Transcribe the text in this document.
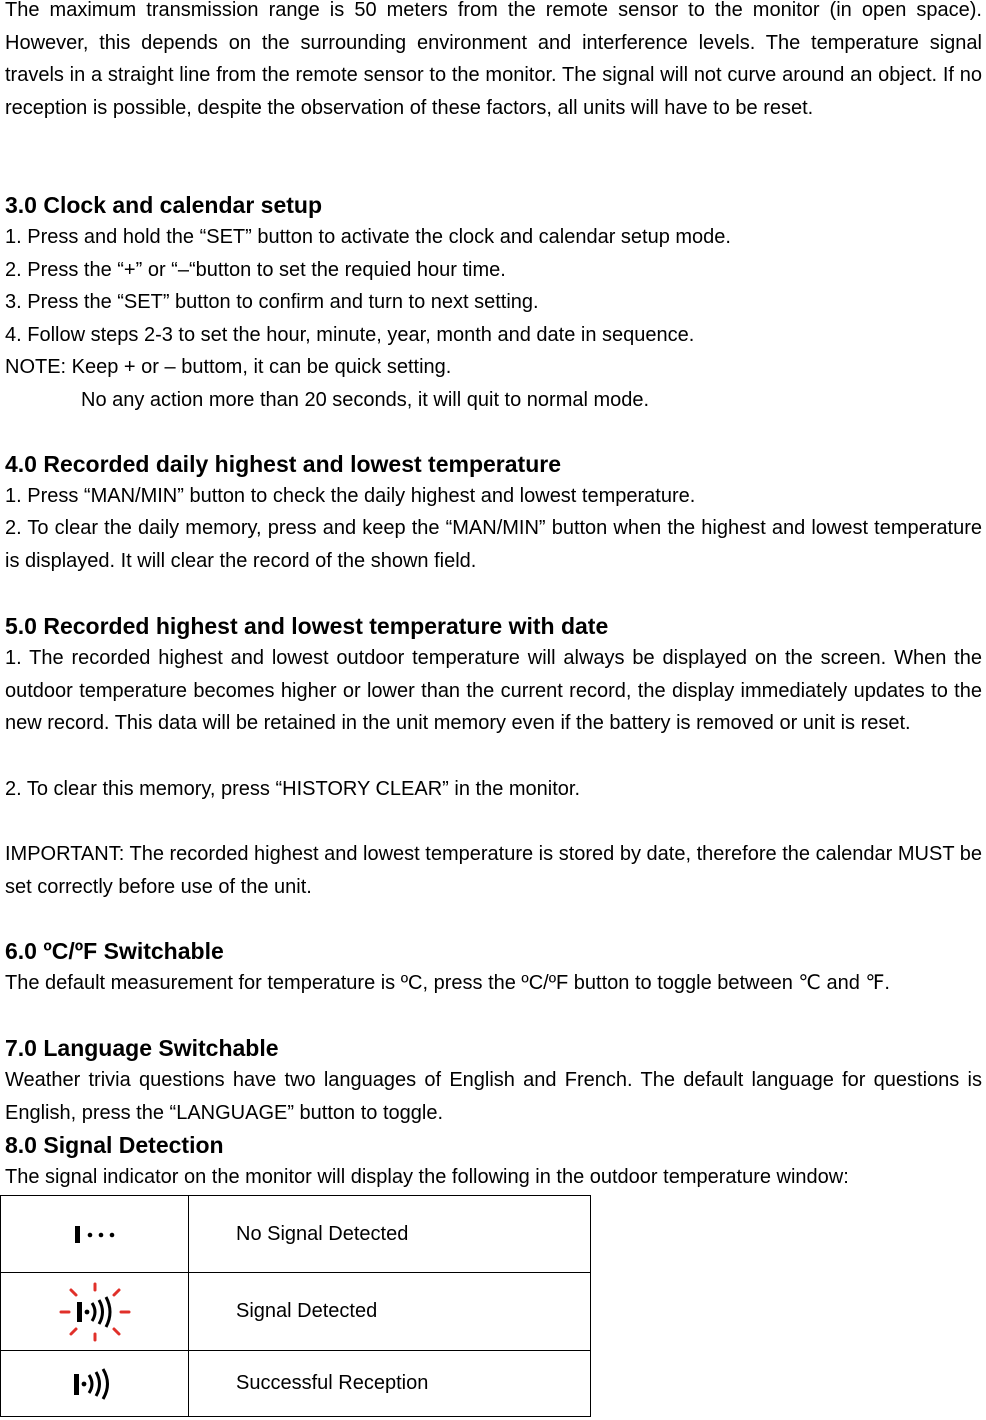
The maximum transmission range is 50 meters from the remote sensor to the monitor (in open space). However, this depends on the surrounding environment and interference levels. The temperature signal travels in a straight line from the remote sensor to the monitor. The signal will not curve around an object. If no reception is possible, despite the observation of these factors, all units will have to be reset.

3.0 Clock and calendar setup
1. Press and hold the “SET” button to activate the clock and calendar setup mode.
2. Press the “+” or “–“button to set the requied hour time.
3. Press the “SET” button to confirm and turn to next setting.
4. Follow steps 2-3 to set the hour, minute, year, month and date in sequence.
NOTE: Keep + or – buttom, it can be quick setting.
No any action more than 20 seconds, it will quit to normal mode.
4.0 Recorded daily highest and lowest temperature
1. Press “MAN/MIN” button to check the daily highest and lowest temperature.

2. To clear the daily memory, press and keep the “MAN/MIN” button when the highest and lowest temperature is displayed. It will clear the record of the shown field.

5.0 Recorded highest and lowest temperature with date

1. The recorded highest and lowest outdoor temperature will always be displayed on the screen. When the outdoor temperature becomes higher or lower than the current record, the display immediately updates to the new record. This data will be retained in the unit memory even if the battery is removed or unit is reset.

2. To clear this memory, press “HISTORY CLEAR” in the monitor.

IMPORTANT: The recorded highest and lowest temperature is stored by date, therefore the calendar MUST be set correctly before use of the unit.

6.0 ºC/ºF Switchable

The default measurement for temperature is ºC, press the ºC/ºF button to toggle between ℃ and ℉.

7.0 Language Switchable

Weather trivia questions have two languages of English and French. The default language for questions is English, press the “LANGUAGE” button to toggle.

8.0 Signal Detection
The signal indicator on the monitor will display the following in the outdoor temperature window:
	No Signal Detected
	Signal Detected
	Successful Reception
